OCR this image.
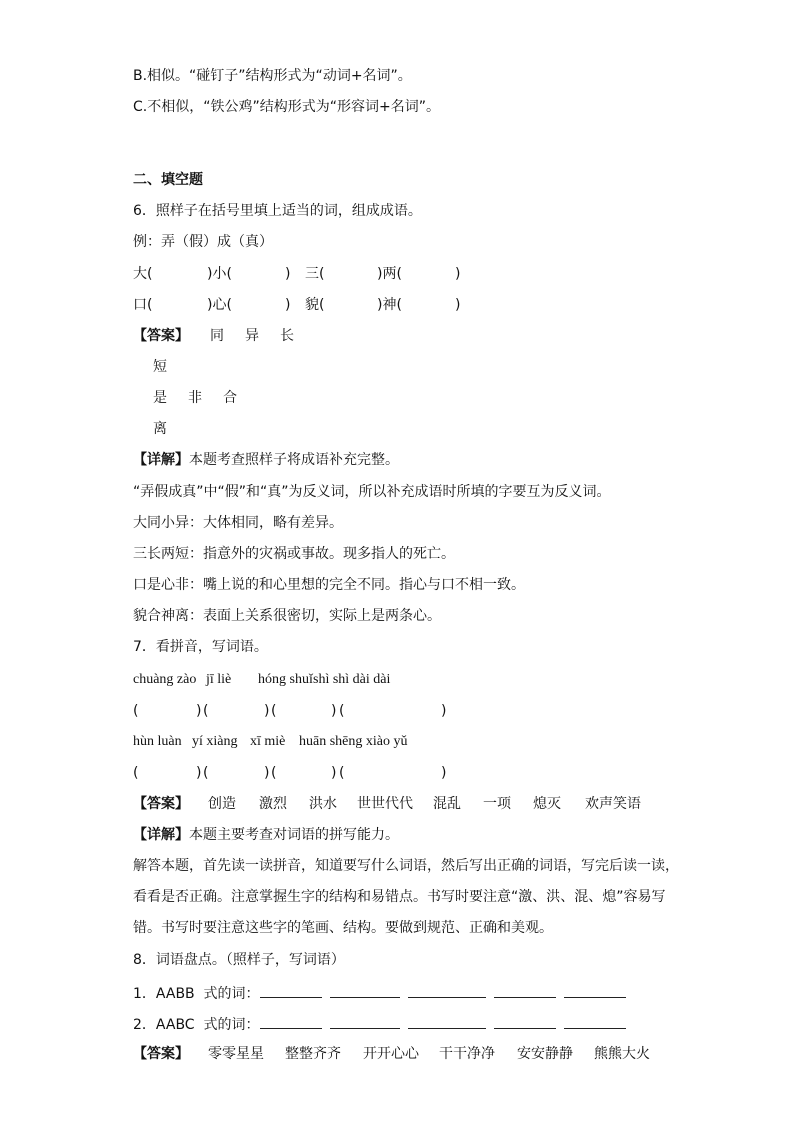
B.相似。“碰钉子”结构形式为“动词+名词”。
C.不相似，“铁公鸡”结构形式为“形容词+名词”。
二、填空题
6．照样子在括号里填上适当的词，组成成语。
例：弄（假）成（真）
大(	)小(	) 三(	)两(	)
口(	)心(	) 貌(	)神(	)
【答案】 同 异 长
短
是 非 合
离
【详解】本题考查照样子将成语补充完整。
“弄假成真”中“假”和“真”为反义词，所以补充成语时所填的字要互为反义词。
大同小异：大体相同，略有差异。
三长两短：指意外的灾祸或事故。现多指人的死亡。
口是心非：嘴上说的和心里想的完全不同。指心与口不相一致。
貌合神离：表面上关系很密切，实际上是两条心。
7．看拼音，写词语。
chuàng zào jī liè hóng shuǐ shì shì dài dài
(	) (	) (	) (	)
hùn luàn yí xiàng xī miè huān shēng xiào yǔ
(	) (	) (	) (	)
【答案】 创造 激烈 洪水 世世代代 混乱 一项 熄灭 欢声笑语
【详解】本题主要考查对词语的拼写能力。
解答本题，首先读一读拼音，知道要写什么词语，然后写出正确的词语，写完后读一读，
看看是否正确。注意掌握生字的结构和易错点。书写时要注意“激、洪、混、熄”容易写
错。书写时要注意这些字的笔画、结构。要做到规范、正确和美观。
8．词语盘点。（照样子，写词语）
1．AABB  式的词：
2．AABC  式的词：
【答案】 零零星星 整整齐齐 开开心心 干干净净 安安静静 熊熊大火
